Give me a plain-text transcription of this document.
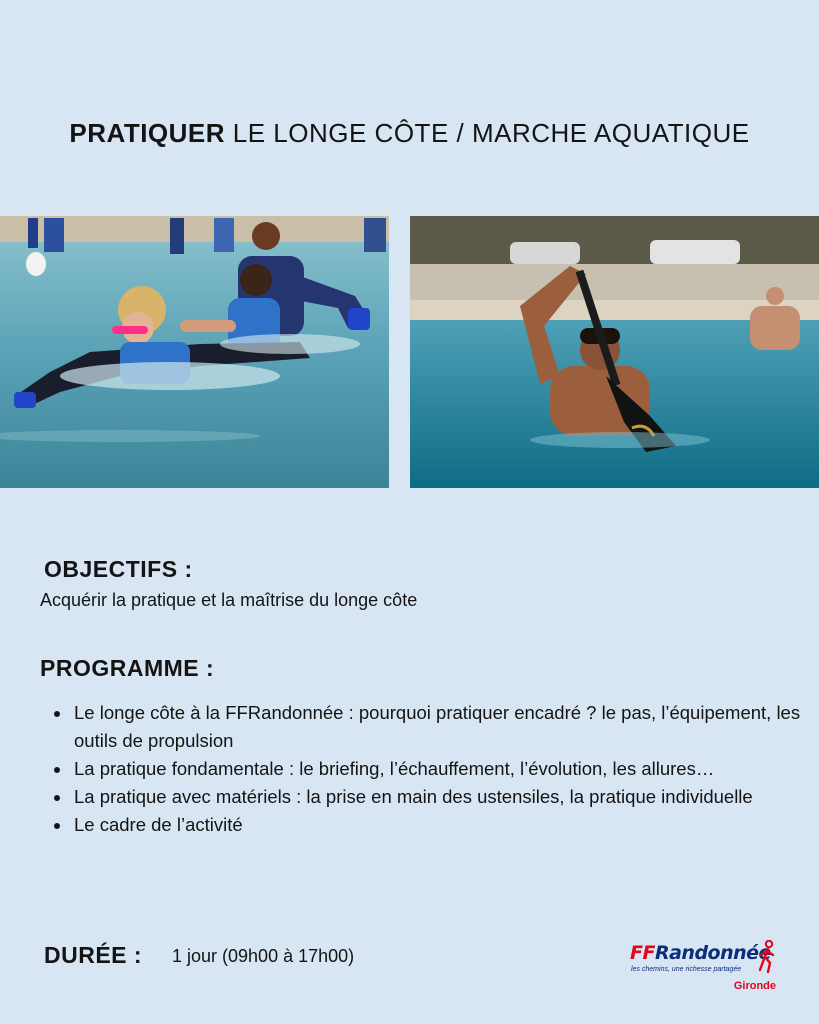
PRATIQUER LE LONGE CÔTE / MARCHE AQUATIQUE
OBJECTIFS :
Acquérir la pratique et la maîtrise du longe côte
PROGRAMME :
• Le longe côte à la FFRandonnée : pourquoi pratiquer encadré ? le pas, l’équipement, les outils de propulsion
• La pratique fondamentale : le briefing, l’échauffement, l’évolution, les allures…
• La pratique avec matériels : la prise en main des ustensiles, la pratique individuelle
• Le cadre de l’activité
DURÉE : 1 jour (09h00 à 17h00)	FFRandonnée
les chemins, une richesse partagée
Gironde
